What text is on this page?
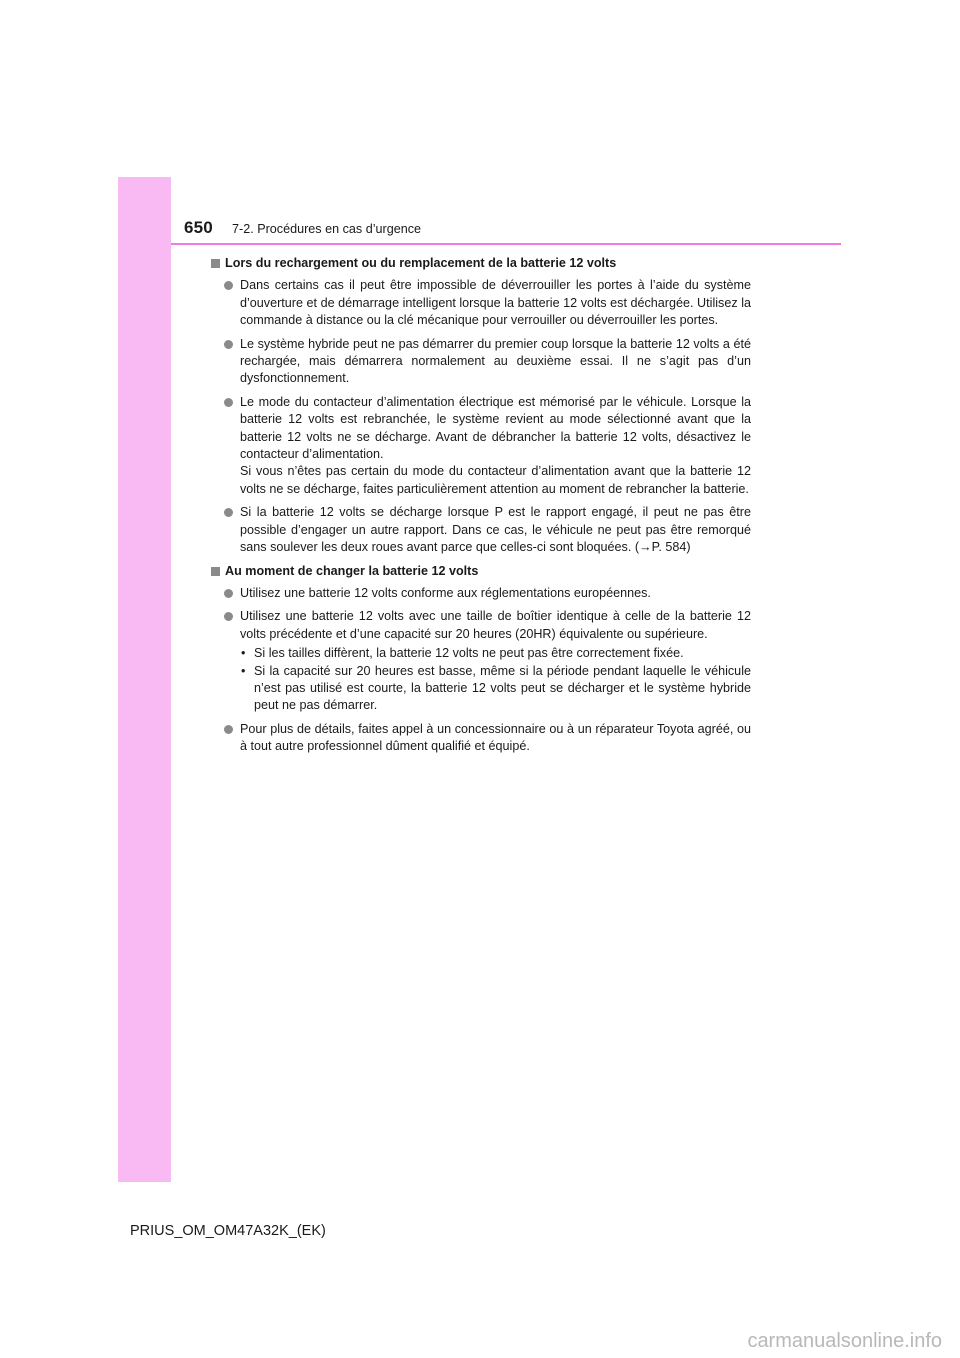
650 7-2. Procédures en cas d’urgence
Lors du rechargement ou du remplacement de la batterie 12 volts

Dans certains cas il peut être impossible de déverrouiller les portes à l’aide du système d’ouverture et de démarrage intelligent lorsque la batterie 12 volts est déchargée. Utilisez la commande à distance ou la clé mécanique pour verrouiller ou déverrouiller les portes.

Le système hybride peut ne pas démarrer du premier coup lorsque la batterie 12 volts a été rechargée, mais démarrera normalement au deuxième essai. Il ne s’agit pas d’un dysfonctionnement.

Le mode du contacteur d’alimentation électrique est mémorisé par le véhicule. Lorsque la batterie 12 volts est rebranchée, le système revient au mode sélectionné avant que la batterie 12 volts ne se décharge. Avant de débrancher la batterie 12 volts, désactivez le contacteur d’alimentation.

Si vous n’êtes pas certain du mode du contacteur d’alimentation avant que la batterie 12 volts ne se décharge, faites particulièrement attention au moment de rebrancher la batterie.

Si la batterie 12 volts se décharge lorsque P est le rapport engagé, il peut ne pas être possible d’engager un autre rapport. Dans ce cas, le véhicule ne peut pas être remorqué sans soulever les deux roues avant parce que celles-ci sont bloquées. (→P. 584)

Au moment de changer la batterie 12 volts

Utilisez une batterie 12 volts conforme aux réglementations européennes.

Utilisez une batterie 12 volts avec une taille de boîtier identique à celle de la batterie 12 volts précédente et d’une capacité sur 20 heures (20HR) équivalente ou supérieure.

• Si les tailles diffèrent, la batterie 12 volts ne peut pas être correctement fixée.
• Si la capacité sur 20 heures est basse, même si la période pendant laquelle le véhicule n’est pas utilisé est courte, la batterie 12 volts peut se décharger et le système hybride peut ne pas démarrer.

Pour plus de détails, faites appel à un concessionnaire ou à un réparateur Toyota agréé, ou à tout autre professionnel dûment qualifié et équipé.

PRIUS_OM_OM47A32K_(EK)
carmanualsonline.info
